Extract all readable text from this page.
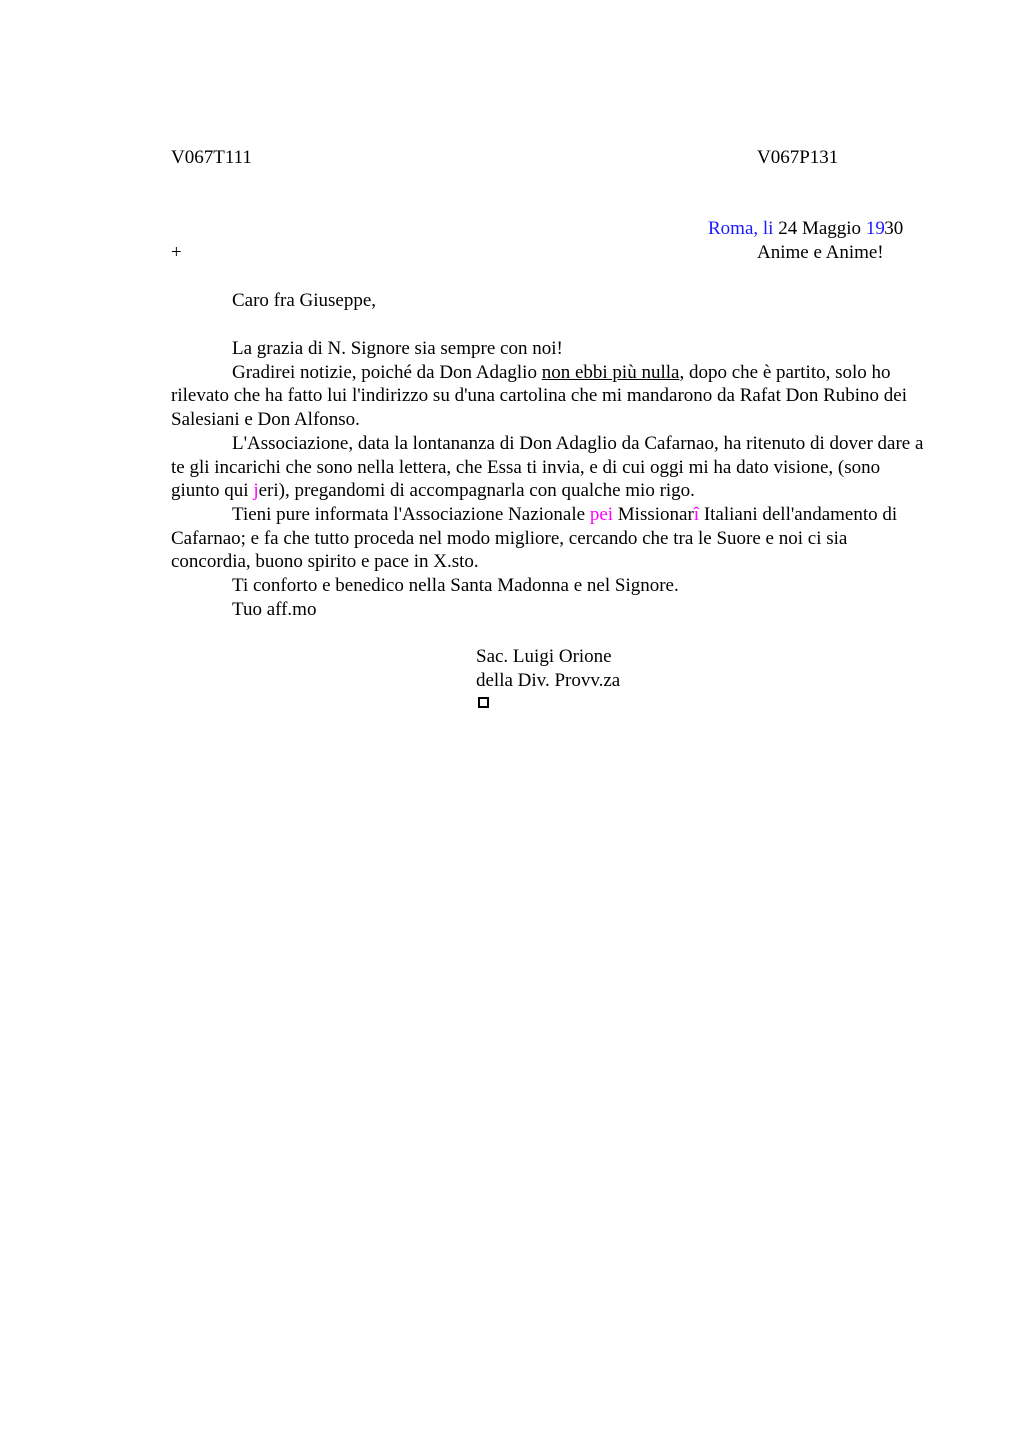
V067T111	V067P131
Roma, li 24 Maggio 19 30
+	Anime e Anime!
Caro fra Giuseppe,

La grazia di N. Signore sia sempre con noi!

Gradirei notizie, poiché da Don Adaglio non ebbi più nulla, dopo che è partito, solo ho rilevato che ha fatto lui l'indirizzo su d'una cartolina che mi mandarono da Rafat Don Rubino dei Salesiani e Don Alfonso.

L'Associazione, data la lontananza di Don Adaglio da Cafarnao, ha ritenuto di dover dare a te gli incarichi che sono nella lettera, che Essa ti invia, e di cui oggi mi ha dato visione, (sono giunto qui jeri), pregandomi di accompagnarla con qualche mio rigo.

Tieni pure informata l'Associazione Nazionale pei Missionarî Italiani dell'andamento di Cafarnao; e fa che tutto proceda nel modo migliore, cercando che tra le Suore e noi ci sia concordia, buono spirito e pace in X.sto.

Ti conforto e benedico nella Santa Madonna e nel Signore.

Tuo aff.mo

Sac. Luigi Orione
della Div. Provv.za
